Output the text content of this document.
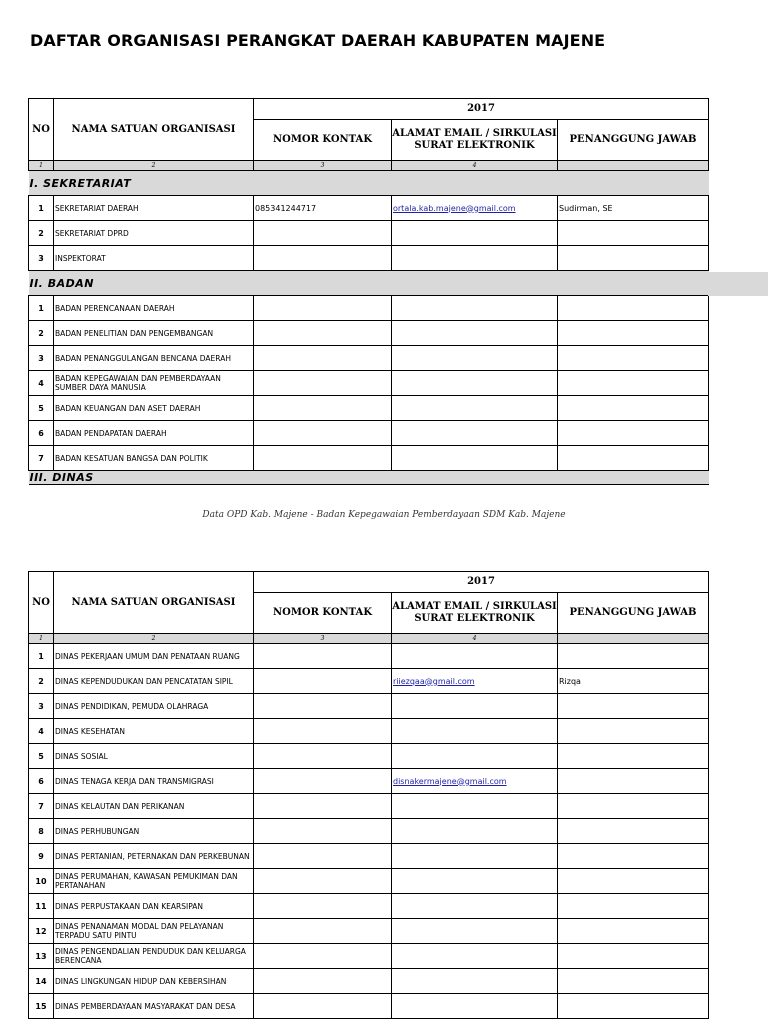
DAFTAR ORGANISASI PERANGKAT DAERAH KABUPATEN MAJENE
NO	NAMA SATUAN ORGANISASI	2017		
		NOMOR KONTAK	ALAMAT EMAIL / SIRKULASI SURAT ELEKTRONIK	PENANGGUNG JAWAB
1	2	3	4	
I. SEKRETARIAT				
1	SEKRETARIAT DAERAH	085341244717	ortala.kab.majene@gmail.com	Sudirman, SE
2	SEKRETARIAT DPRD			
3	INSPEKTORAT			
II. BADAN				
1	BADAN PERENCANAAN DAERAH			
2	BADAN PENELITIAN DAN PENGEMBANGAN			
3	BADAN PENANGGULANGAN BENCANA DAERAH			
4	BADAN KEPEGAWAIAN DAN PEMBERDAYAAN SUMBER DAYA MANUSIA			
5	BADAN KEUANGAN DAN ASET DAERAH			
6	BADAN PENDAPATAN DAERAH			
7	BADAN KESATUAN BANGSA DAN POLITIK			
III. DINAS				
Data OPD Kab. Majene - Badan Kepegawaian Pemberdayaan SDM Kab. Majene
NO	NAMA SATUAN ORGANISASI	2017		
		NOMOR KONTAK	ALAMAT EMAIL / SIRKULASI SURAT ELEKTRONIK	PENANGGUNG JAWAB
1	2	3	4	
1	DINAS PEKERJAAN UMUM DAN PENATAAN RUANG			
2	DINAS KEPENDUDUKAN DAN PENCATATAN SIPIL		riiezqaa@gmail.com	Rizqa
3	DINAS PENDIDIKAN, PEMUDA OLAHRAGA			
4	DINAS KESEHATAN			
5	DINAS SOSIAL			
6	DINAS TENAGA KERJA DAN TRANSMIGRASI		disnakermajene@gmail.com	
7	DINAS KELAUTAN DAN PERIKANAN			
8	DINAS PERHUBUNGAN			
9	DINAS PERTANIAN, PETERNAKAN DAN PERKEBUNAN			
10	DINAS PERUMAHAN, KAWASAN PEMUKIMAN DAN PERTANAHAN			
11	DINAS PERPUSTAKAAN DAN KEARSIPAN			
12	DINAS PENANAMAN MODAL DAN PELAYANAN TERPADU SATU PINTU			
13	DINAS PENGENDALIAN PENDUDUK DAN KELUARGA BERENCANA			
14	DINAS LINGKUNGAN HIDUP DAN KEBERSIHAN			
15	DINAS PEMBERDAYAAN MASYARAKAT DAN DESA			
